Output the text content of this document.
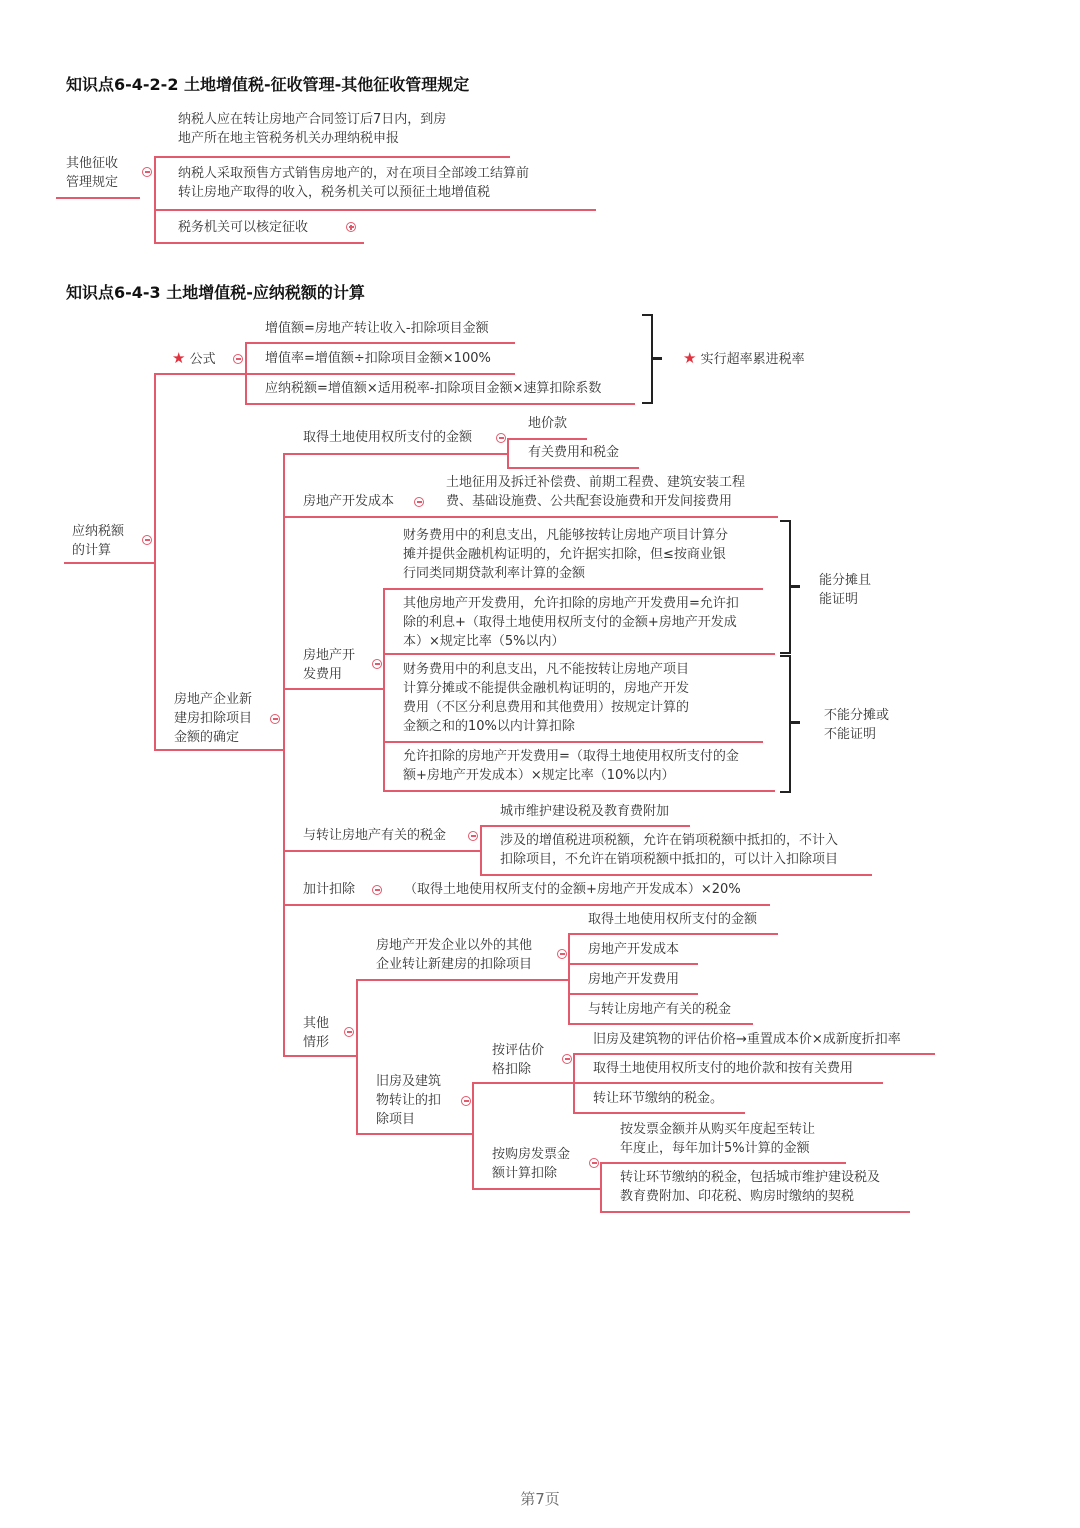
知识点6-4-2-2 土地增值税-征收管理-其他征收管理规定
其他征收
管理规定
纳税人应在转让房地产合同签订后7日内，到房
地产所在地主管税务机关办理纳税申报
纳税人采取预售方式销售房地产的，对在项目全部竣工结算前
转让房地产取得的收入，税务机关可以预征土地增值税
税务机关可以核定征收
知识点6-4-3 土地增值税-应纳税额的计算
应纳税额
的计算
★ 公式
增值额=房地产转让收入-扣除项目金额
增值率=增值额÷扣除项目金额×100%
应纳税额=增值额×适用税率-扣除项目金额×速算扣除系数
★ 实行超率累进税率
房地产企业新
建房扣除项目
金额的确定
取得土地使用权所支付的金额
地价款
有关费用和税金
房地产开发成本
土地征用及拆迁补偿费、前期工程费、建筑安装工程
费、基础设施费、公共配套设施费和开发间接费用
房地产开
发费用
财务费用中的利息支出，凡能够按转让房地产项目计算分
摊并提供金融机构证明的，允许据实扣除，但≤按商业银
行同类同期贷款利率计算的金额
其他房地产开发费用，允许扣除的房地产开发费用=允许扣
除的利息+（取得土地使用权所支付的金额+房地产开发成
本）×规定比率（5%以内）
财务费用中的利息支出，凡不能按转让房地产项目
计算分摊或不能提供金融机构证明的，房地产开发
费用（不区分利息费用和其他费用）按规定计算的
金额之和的10%以内计算扣除
允许扣除的房地产开发费用=（取得土地使用权所支付的金
额+房地产开发成本）×规定比率（10%以内）
能分摊且
能证明
不能分摊或
不能证明
与转让房地产有关的税金
城市维护建设税及教育费附加
涉及的增值税进项税额，允许在销项税额中抵扣的，不计入
扣除项目，不允许在销项税额中抵扣的，可以计入扣除项目
加计扣除	（取得土地使用权所支付的金额+房地产开发成本）×20%
其他
情形
房地产开发企业以外的其他
企业转让新建房的扣除项目
取得土地使用权所支付的金额
房地产开发成本
房地产开发费用
与转让房地产有关的税金
旧房及建筑
物转让的扣
除项目
按评估价
格扣除
旧房及建筑物的评估价格→重置成本价×成新度折扣率
取得土地使用权所支付的地价款和按有关费用
转让环节缴纳的税金。
按购房发票金
额计算扣除
按发票金额并从购买年度起至转让
年度止，每年加计5%计算的金额
转让环节缴纳的税金，包括城市维护建设税及
教育费附加、印花税、购房时缴纳的契税
第7页
